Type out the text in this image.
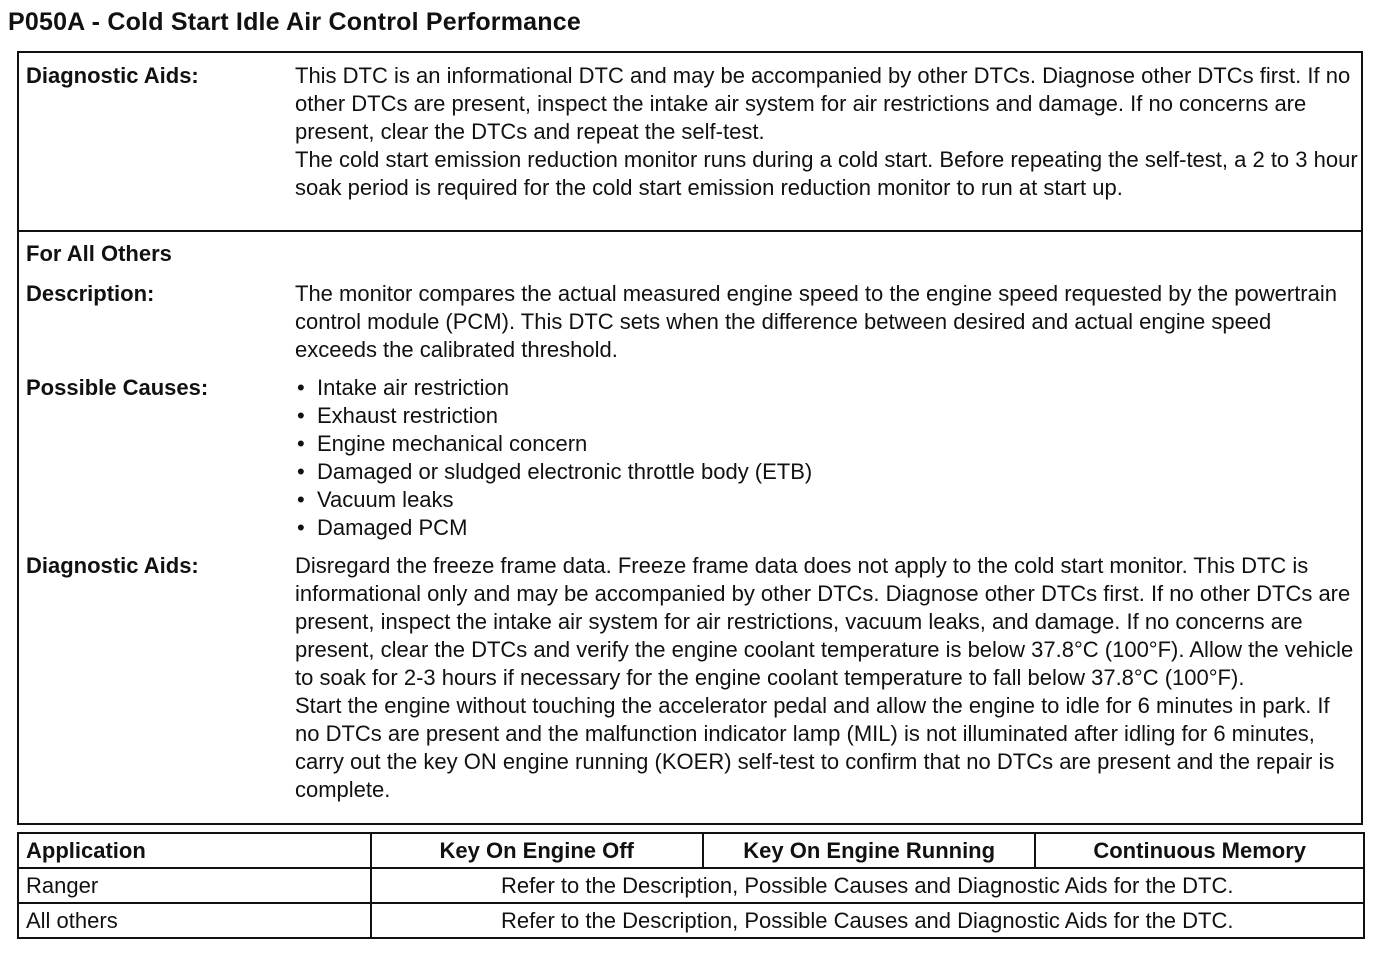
P050A - Cold Start Idle Air Control Performance
Diagnostic Aids:	This DTC is an informational DTC and may be accompanied by other DTCs. Diagnose other DTCs first. If no other DTCs are present, inspect the intake air system for air restrictions and damage. If no concerns are present, clear the DTCs and repeat the self-test.

The cold start emission reduction monitor runs during a cold start. Before repeating the self-test, a 2 to 3 hour soak period is required for the cold start emission reduction monitor to run at start up.

For All Others
Description:	The monitor compares the actual measured engine speed to the engine speed requested by the powertrain control module (PCM). This DTC sets when the difference between desired and actual engine speed exceeds the calibrated threshold.
Possible Causes:	• Intake air restriction
• Exhaust restriction
• Engine mechanical concern
• Damaged or sludged electronic throttle body (ETB)
• Vacuum leaks
• Damaged PCM
Diagnostic Aids:	Disregard the freeze frame data. Freeze frame data does not apply to the cold start monitor. This DTC is informational only and may be accompanied by other DTCs. Diagnose other DTCs first. If no other DTCs are present, inspect the intake air system for air restrictions, vacuum leaks, and damage. If no concerns are present, clear the DTCs and verify the engine coolant temperature is below 37.8°C (100°F). Allow the vehicle to soak for 2-3 hours if necessary for the engine coolant temperature to fall below 37.8°C (100°F).

Start the engine without touching the accelerator pedal and allow the engine to idle for 6 minutes in park. If no DTCs are present and the malfunction indicator lamp (MIL) is not illuminated after idling for 6 minutes, carry out the key ON engine running (KOER) self-test to confirm that no DTCs are present and the repair is complete.

Application	Key On Engine Off	Key On Engine Running	Continuous Memory
Ranger	Refer to the Description, Possible Causes and Diagnostic Aids for the DTC.		
All others	Refer to the Description, Possible Causes and Diagnostic Aids for the DTC.		
